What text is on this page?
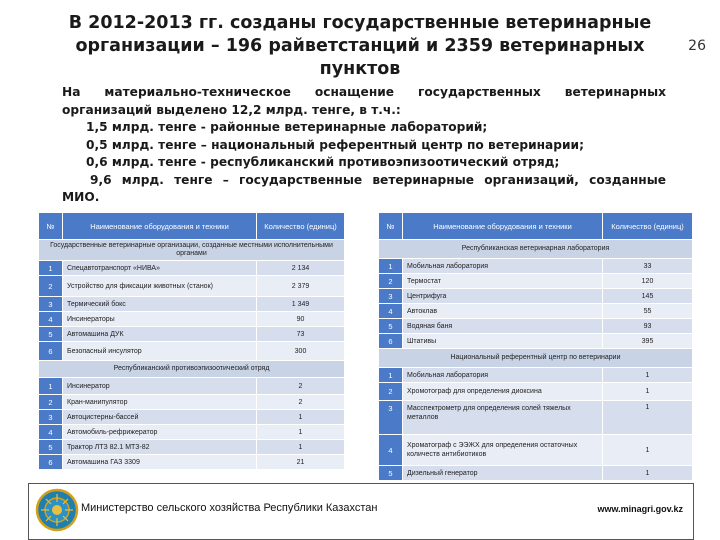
В 2012-2013 гг. созданы государственные ветеринарные организации – 196 райветстанций и 2359 ветеринарных пунктов
26

На материально-техническое оснащение государственных ветеринарных

организаций выделено 12,2 млрд. тенге, в т.ч.:

1,5 млрд. тенге - районные ветеринарные лабораторий;

0,5 млрд. тенге – национальный референтный центр по ветеринарии;

0,6 млрд. тенге - республиканский противоэпизоотический отряд;

9,6 млрд. тенге – государственные ветеринарные организаций, созданные

МИО.

№	Наименование оборудования и техники	Количество (единиц)
Государственные ветеринарные организации, созданные местными исполнительными органами		
1	Спецавтотранспорт «НИВА»	2 134
2	Устройство для фиксации животных (станок)	2 379
3	Термический бокс	1 349
4	Инсинераторы	90
5	Автомашина ДУК	73
6	Безопасный инсулятор	300
Республиканский противоэпизоотический отряд		
1	Инсинератор	2
2	Кран-манипулятор	2
3	Автоцистерны-бассей	1
4	Автомобиль-рефрижератор	1
5	Трактор ЛТЗ 82.1 МТЗ-82	1
6	Автомашина ГАЗ 3309	21
№	Наименование оборудования и техники	Количество (единиц)
Республиканская ветеринарная лаборатория		
1	Мобильная лаборатория	33
2	Термостат	120
3	Центрифуга	145
4	Автоклав	55
5	Водяная баня	93
6	Штативы	395
Национальный референтный центр по ветеринарии		
1	Мобильная лаборатория	1
2	Хромотограф для определения диоксина	1
3	Масспектрометр для определения солей тяжелых металлов	1
4	Хроматограф с ЭЭЖХ для определения остаточных количеств антибиотиков	1
5	Дизельный генератор	1
Министерство сельского хозяйства Республики Казахстан	www.minagri.gov.kz
